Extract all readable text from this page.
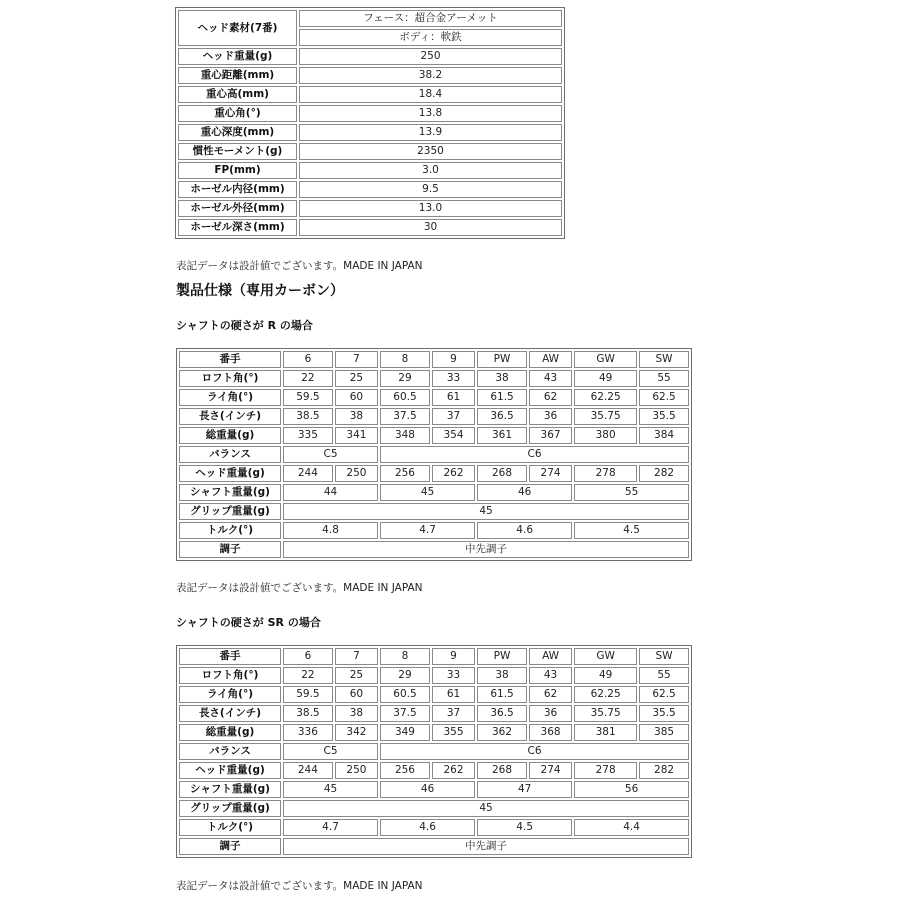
ヘッド素材(7番)	フェース：超合金アーメット
	ボディ：軟鉄
ヘッド重量(g)	250
重心距離(mm)	38.2
重心高(mm)	18.4
重心角(°)	13.8
重心深度(mm)	13.9
慣性モーメント(g)	2350
FP(mm)	3.0
ホーゼル内径(mm)	9.5
ホーゼル外径(mm)	13.0
ホーゼル深さ(mm)	30
表記データは設計値でございます。MADE IN JAPAN
製品仕様（専用カーボン）
シャフトの硬さが R の場合
番手	6	7	8	9	PW	AW	GW	SW
ロフト角(°)	22	25	29	33	38	43	49	55
ライ角(°)	59.5	60	60.5	61	61.5	62	62.25	62.5
長さ(インチ)	38.5	38	37.5	37	36.5	36	35.75	35.5
総重量(g)	335	341	348	354	361	367	380	384
バランス	C5		C6					
ヘッド重量(g)	244	250	256	262	268	274	278	282
シャフト重量(g)	44		45		46		55	
グリップ重量(g)	45							
トルク(°)	4.8		4.7		4.6		4.5	
調子	中先調子							
表記データは設計値でございます。MADE IN JAPAN
シャフトの硬さが SR の場合
番手	6	7	8	9	PW	AW	GW	SW
ロフト角(°)	22	25	29	33	38	43	49	55
ライ角(°)	59.5	60	60.5	61	61.5	62	62.25	62.5
長さ(インチ)	38.5	38	37.5	37	36.5	36	35.75	35.5
総重量(g)	336	342	349	355	362	368	381	385
バランス	C5		C6					
ヘッド重量(g)	244	250	256	262	268	274	278	282
シャフト重量(g)	45		46		47		56	
グリップ重量(g)	45							
トルク(°)	4.7		4.6		4.5		4.4	
調子	中先調子							
表記データは設計値でございます。MADE IN JAPAN
